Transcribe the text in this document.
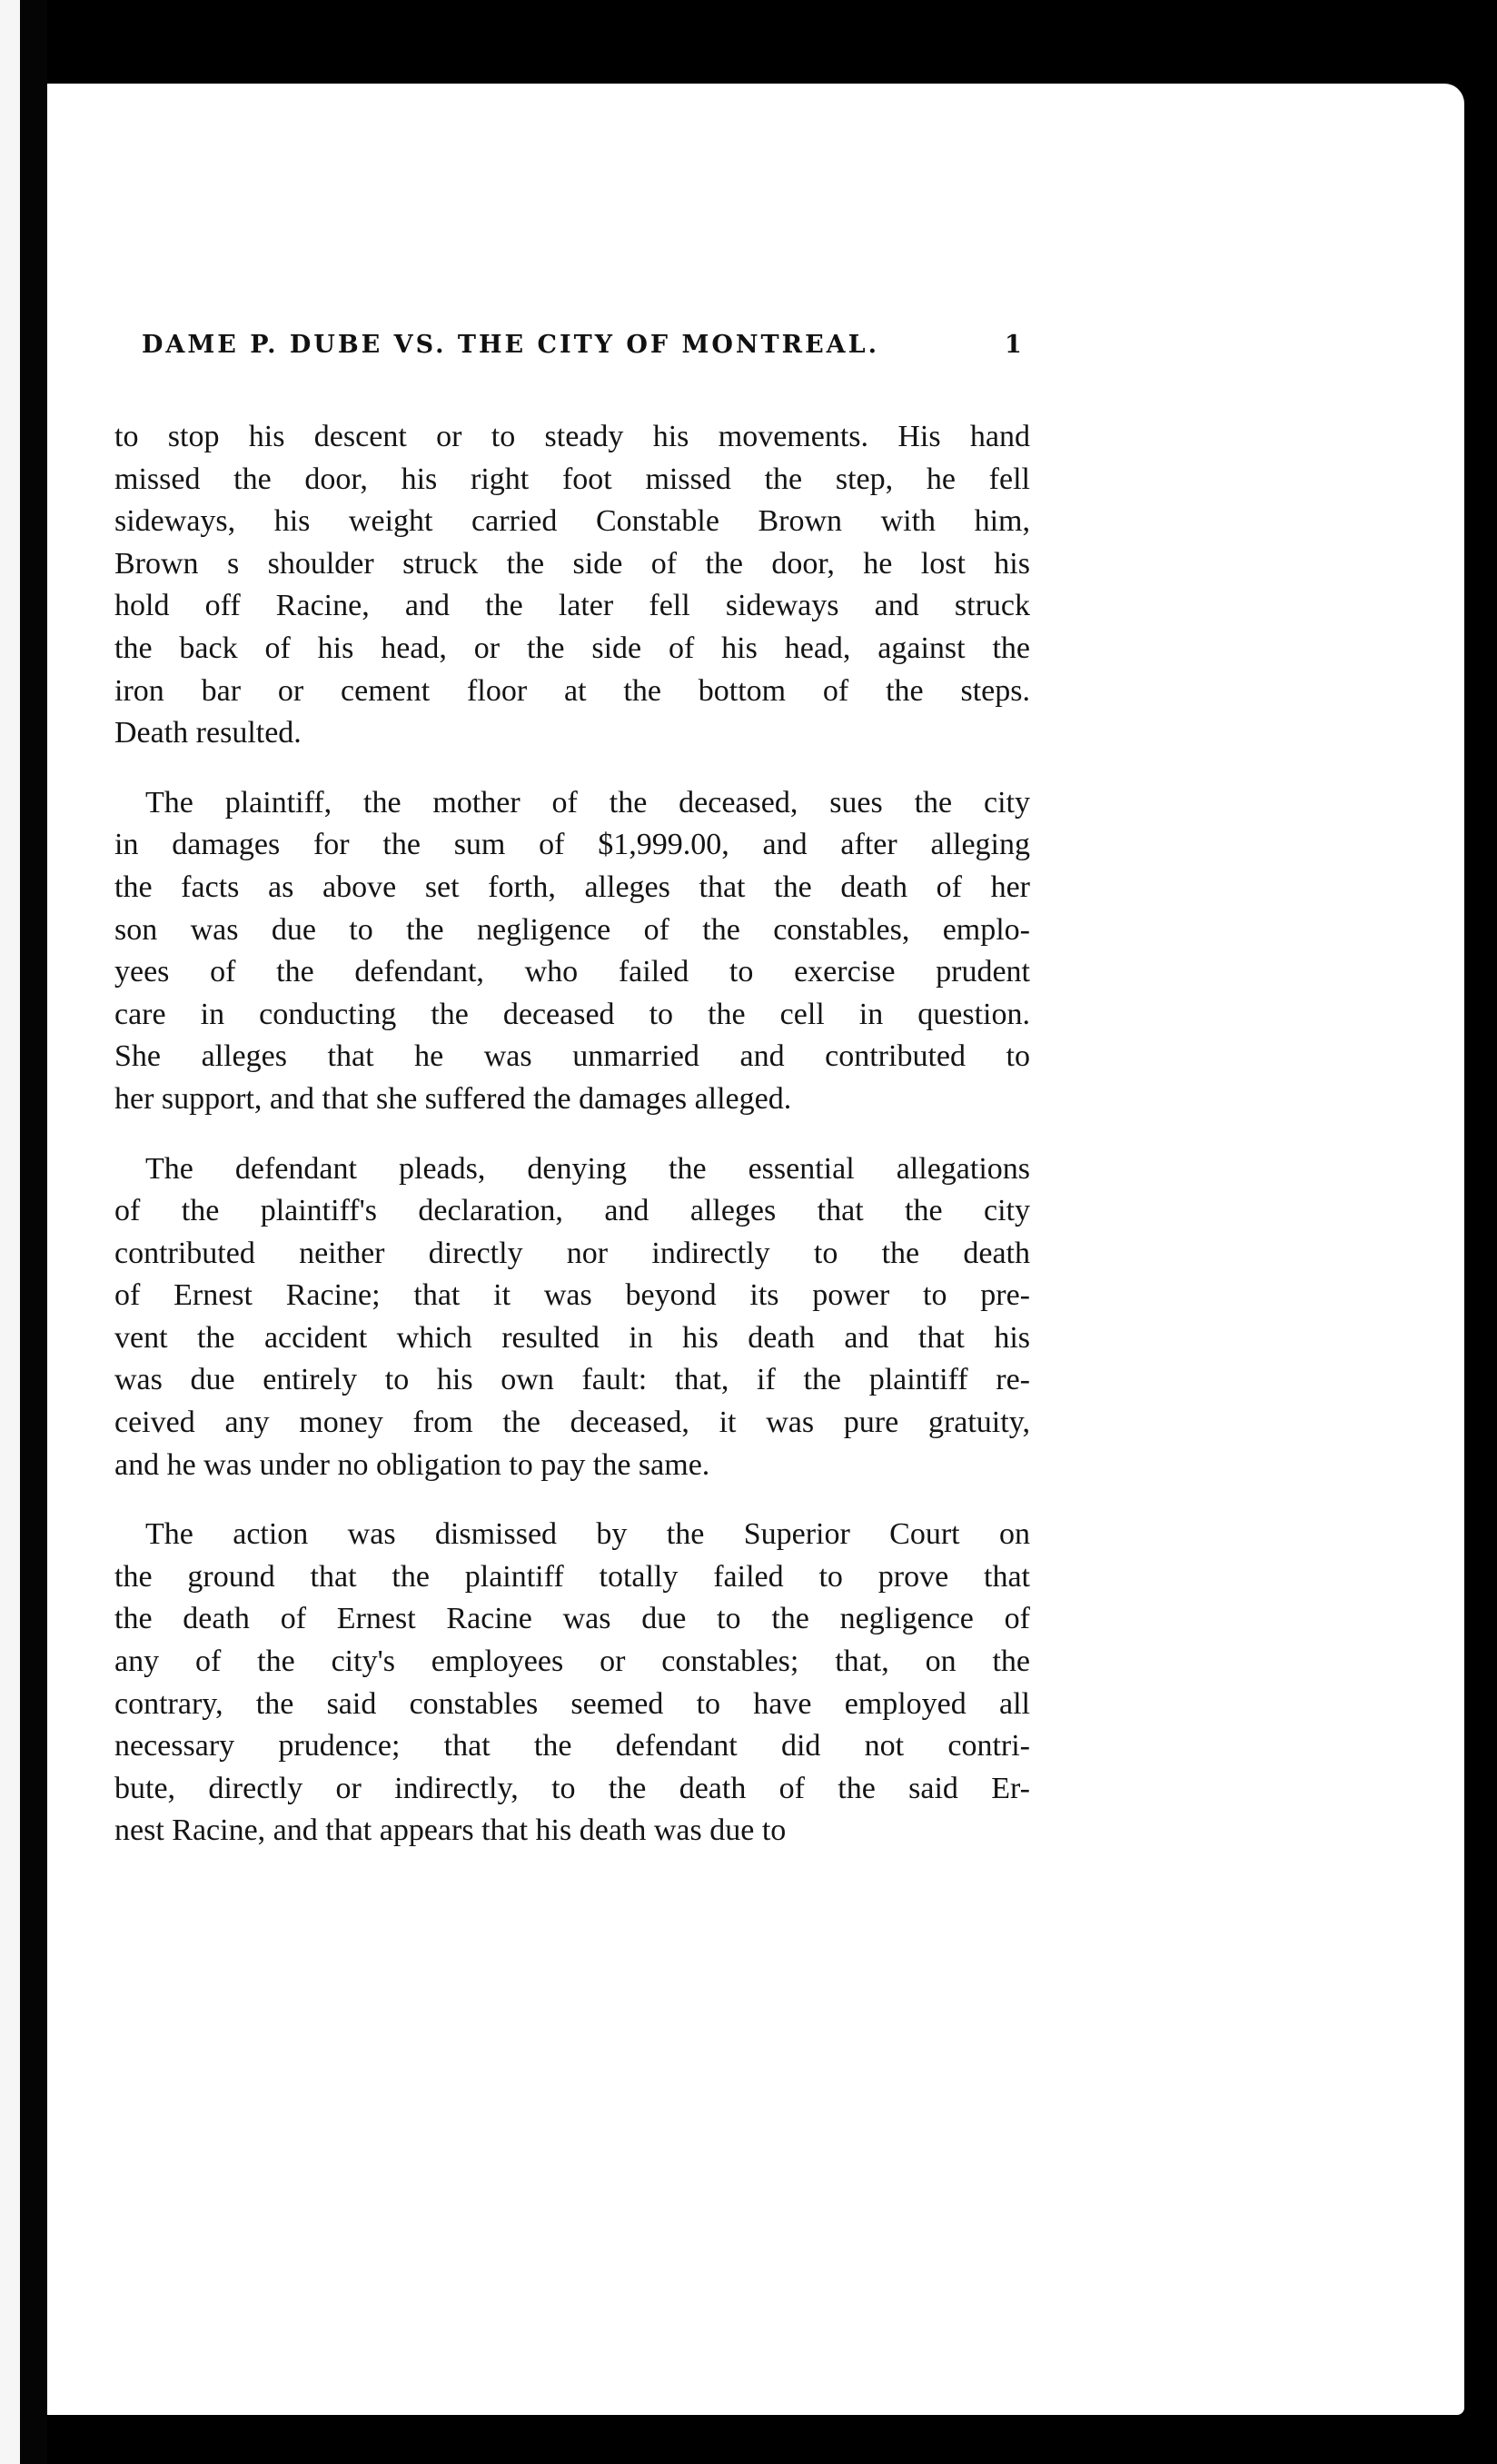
DAME P. DUBE VS. THE CITY OF MONTREAL.	1

to stop his descent or to steady his movements. His hand
missed the door, his right foot missed the step, he fell
sideways, his weight carried Constable Brown with him,
Brown s shoulder struck the side of the door, he lost his
hold off Racine, and the later fell sideways and struck
the back of his head, or the side of his head, against the
iron bar or cement floor at the bottom of the steps.
Death resulted.

The plaintiff, the mother of the deceased, sues the city
in damages for the sum of $1,999.00, and after alleging
the facts as above set forth, alleges that the death of her
son was due to the negligence of the constables, emplo-
yees of the defendant, who failed to exercise prudent
care in conducting the deceased to the cell in question.
She alleges that he was unmarried and contributed to
her support, and that she suffered the damages alleged.

The defendant pleads, denying the essential allegations
of the plaintiff's declaration, and alleges that the city
contributed neither directly nor indirectly to the death
of Ernest Racine; that it was beyond its power to pre-
vent the accident which resulted in his death and that his
was due entirely to his own fault: that, if the plaintiff re-
ceived any money from the deceased, it was pure gratuity,
and he was under no obligation to pay the same.

The action was dismissed by the Superior Court on
the ground that the plaintiff totally failed to prove that
the death of Ernest Racine was due to the negligence of
any of the city's employees or constables; that, on the
contrary, the said constables seemed to have employed all
necessary prudence; that the defendant did not contri-
bute, directly or indirectly, to the death of the said Er-
nest Racine, and that appears that his death was due to
